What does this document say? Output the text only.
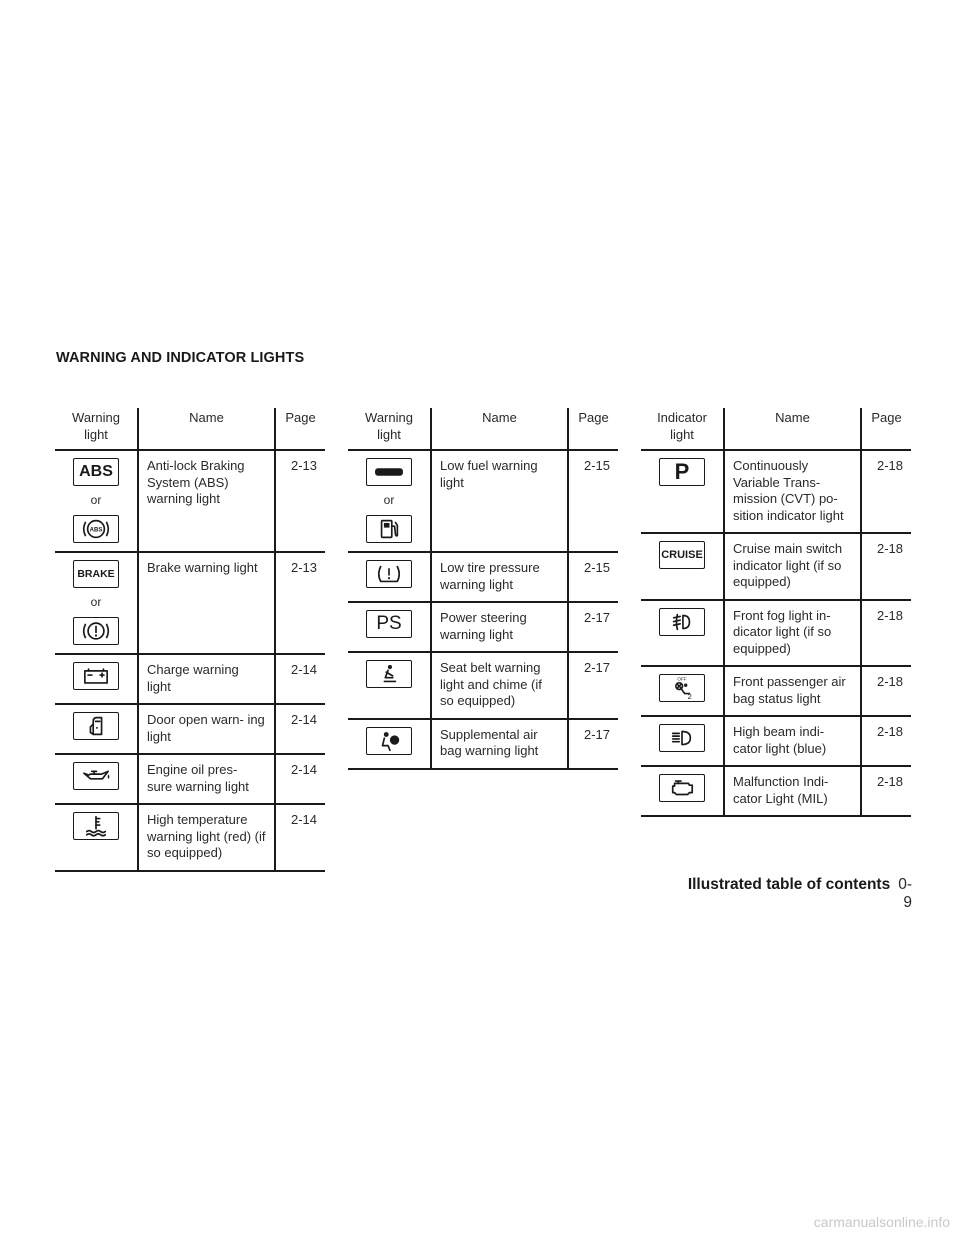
WARNING AND INDICATOR LIGHTS
Warning light	Name	Page

ABS
or
ABS	Anti-lock Braking System (ABS) warning light	2-13

BRAKE
or	Brake warning light	2-13

	Charge warning light	2-14

	Door open warn- ing light	2-14

	Engine oil pres- sure warning light	2-14

	High temperature warning light (red) (if so equipped)	2-14
Warning light	Name	Page

or	Low fuel warning light	2-15

	Low tire pressure warning light	2-15

PS	Power steering warning light	2-17

	Seat belt warning light and chime (if so equipped)	2-17

	Supplemental air bag warning light	2-17
Indicator light	Name	Page

P	Continuously Variable Trans- mission (CVT) po- sition indicator light	2-18

CRUISE	Cruise main switch indicator light (if so equipped)	2-18

	Front fog light in- dicator light (if so equipped)	2-18

OFF
2	Front passenger air bag status light	2-18

	High beam indi- cator light (blue)	2-18

	Malfunction Indi- cator Light (MIL)	2-18
Illustrated table of contents 0-9
carmanualsonline.info
